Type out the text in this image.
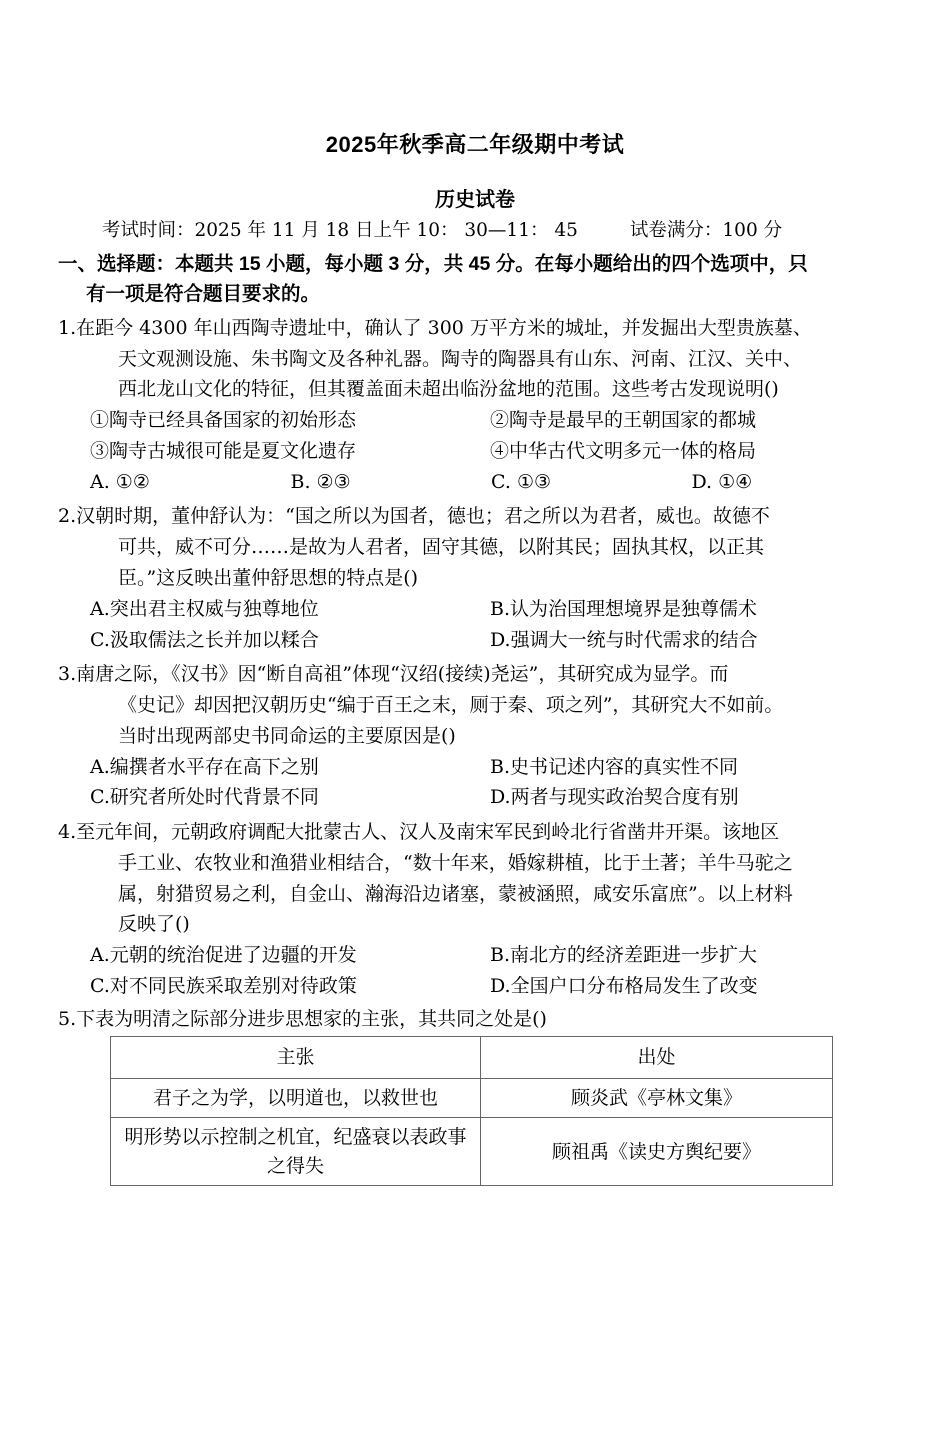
2025年秋季高二年级期中考试
历史试卷
考试时间：2025 年 11 月 18 日上午 10： 30—11： 45	试卷满分：100 分
一、选择题：本题共 15 小题，每小题 3 分，共 45 分。在每小题给出的四个选项中，只
有一项是符合题目要求的。
1.在距今 4300 年山西陶寺遗址中，确认了 300 万平方米的城址，并发掘出大型贵族墓、
天文观测设施、朱书陶文及各种礼器。陶寺的陶器具有山东、河南、江汉、关中、
西北龙山文化的特征，但其覆盖面未超出临汾盆地的范围。这些考古发现说明()
①陶寺已经具备国家的初始形态	②陶寺是最早的王朝国家的都城
③陶寺古城很可能是夏文化遗存	④中华古代文明多元一体的格局
A. ①②	B. ②③	C. ①③	D. ①④
2.汉朝时期，董仲舒认为：“国之所以为国者，德也；君之所以为君者，威也。故德不
可共，威不可分……是故为人君者，固守其德，以附其民；固执其权，以正其
臣。”这反映出董仲舒思想的特点是()
A.突出君主权威与独尊地位	B.认为治国理想境界是独尊儒术
C.汲取儒法之长并加以糅合	D.强调大一统与时代需求的结合
3.南唐之际，《汉书》因“断自高祖”体现“汉绍(接续)尧运”，其研究成为显学。而
《史记》却因把汉朝历史“编于百王之末，厕于秦、项之列”，其研究大不如前。
当时出现两部史书同命运的主要原因是()
A.编撰者水平存在高下之别	B.史书记述内容的真实性不同
C.研究者所处时代背景不同	D.两者与现实政治契合度有别
4.至元年间，元朝政府调配大批蒙古人、汉人及南宋军民到岭北行省凿井开渠。该地区
手工业、农牧业和渔猎业相结合，“数十年来，婚嫁耕植，比于土著；羊牛马驼之
属，射猎贸易之利，自金山、瀚海沿边诸塞，蒙被涵照，咸安乐富庶”。以上材料
反映了()
A.元朝的统治促进了边疆的开发	B.南北方的经济差距进一步扩大
C.对不同民族采取差别对待政策	D.全国户口分布格局发生了改变
5.下表为明清之际部分进步思想家的主张，其共同之处是()
主张	出处
君子之为学，以明道也，以救世也	顾炎武《亭林文集》
明形势以示控制之机宜，纪盛衰以表政事之得失	顾祖禹《读史方舆纪要》
